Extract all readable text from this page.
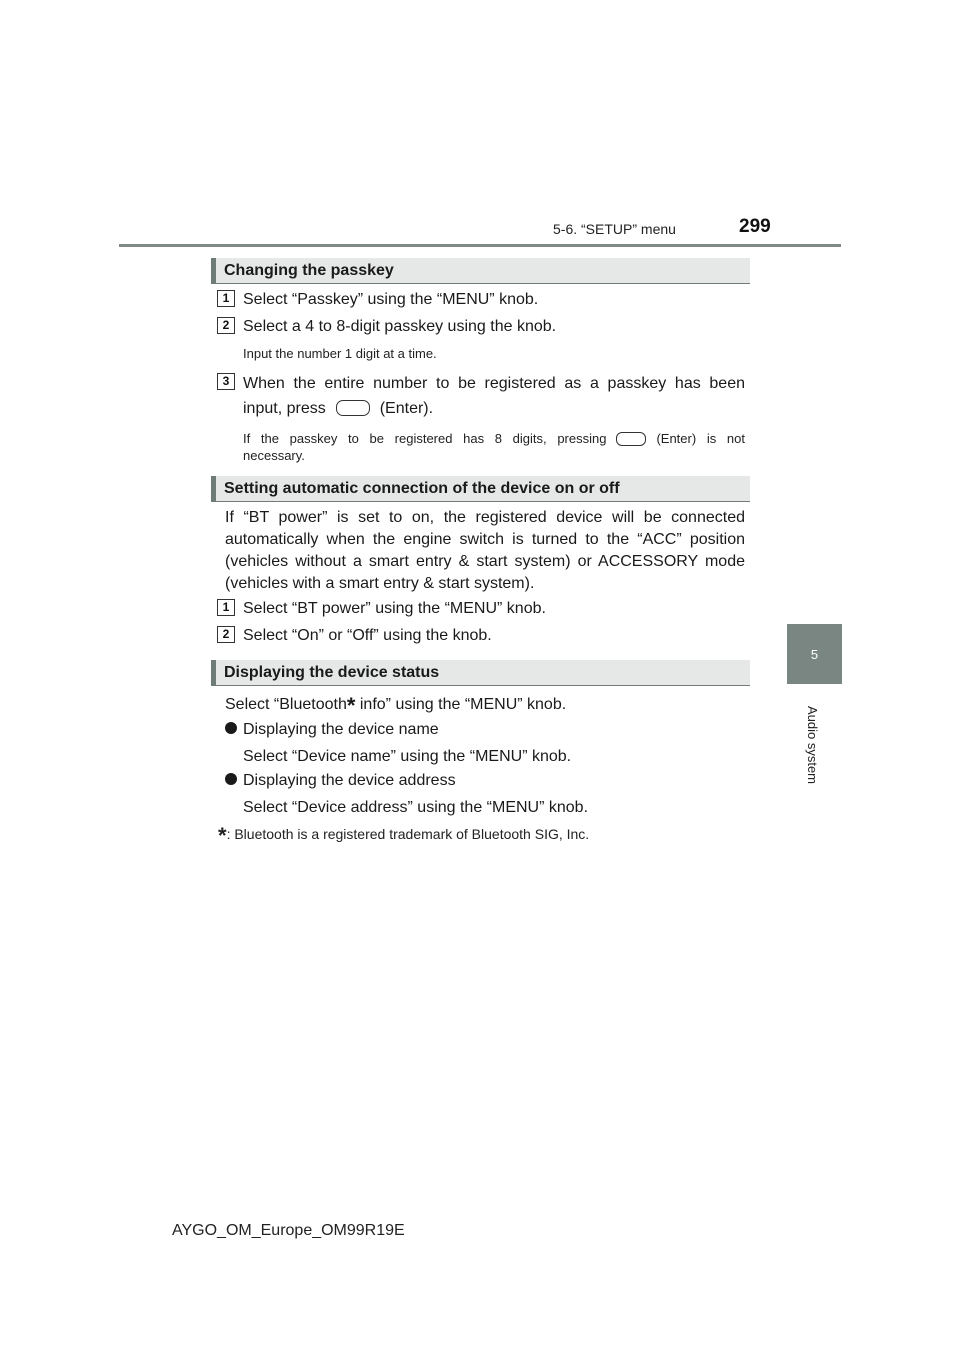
5-6. “SETUP” menu	299
5
Audio system
Changing the passkey
1 Select “Passkey” using the “MENU” knob.
2 Select a 4 to 8-digit passkey using the knob.
Input the number 1 digit at a time.
3 When the entire number to be registered as a passkey has been
input, press	(Enter).
If the passkey to be registered has 8 digits, pressing	(Enter) is not
necessary.
Setting automatic connection of the device on or off
If “BT power” is set to on, the registered device will be connected
automatically when the engine switch is turned to the “ACC” position
(vehicles without a smart entry & start system) or ACCESSORY mode
(vehicles with a smart entry & start system).
1 Select “BT power” using the “MENU” knob.
2 Select “On” or “Off” using the knob.
Displaying the device status
Select “Bluetooth* info” using the “MENU” knob.
Displaying the device name
Select “Device name” using the “MENU” knob.
Displaying the device address
Select “Device address” using the “MENU” knob.
*: Bluetooth is a registered trademark of Bluetooth SIG, Inc.
AYGO_OM_Europe_OM99R19E
